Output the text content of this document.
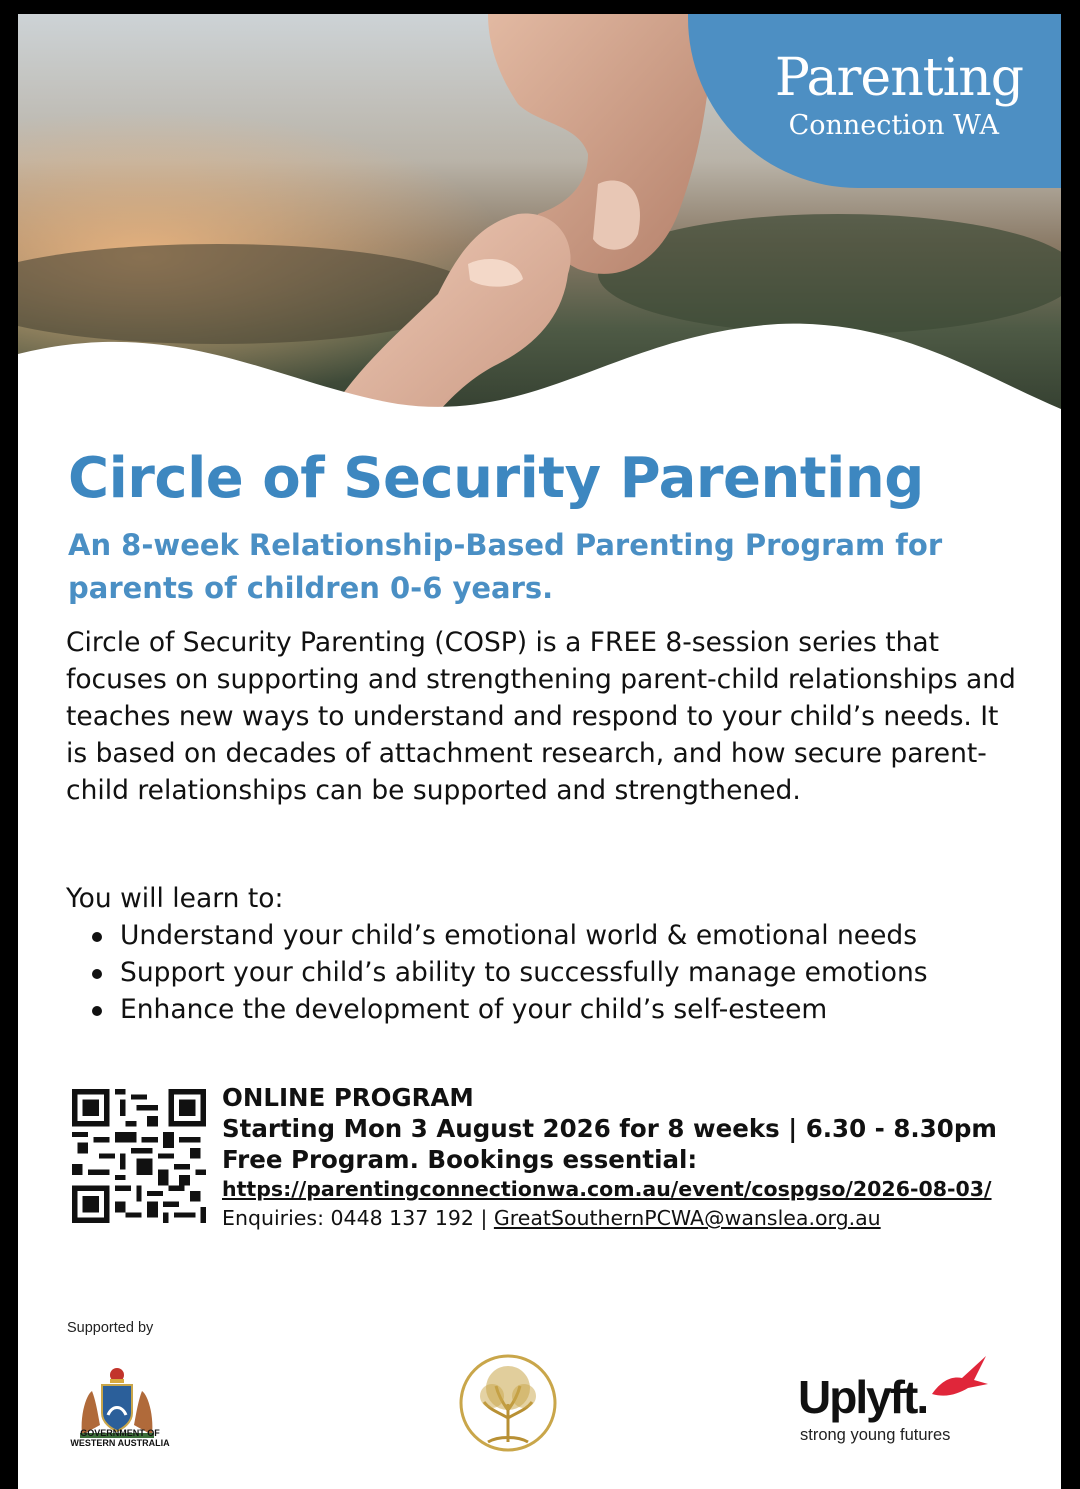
Parenting
Connection WA
Circle of Security Parenting

An 8-week Relationship-Based Parenting Program for parents of children 0-6 years.

Circle of Security Parenting (COSP) is a FREE 8-session series that focuses on supporting and strengthening parent-child relationships and teaches new ways to understand and respond to your child’s needs. It is based on decades of attachment research, and how secure parent-child relationships can be supported and strengthened.

You will learn to:

Understand your child’s emotional world & emotional needs
Support your child’s ability to successfully manage emotions
Enhance the development of your child’s self-esteem
ONLINE PROGRAM
Starting Mon 3 August 2026 for 8 weeks | 6.30 - 8.30pm
Free Program. Bookings essential:
https://parentingconnectionwa.com.au/event/cospgso/2026-08-03/
Enquiries: 0448 137 192 | GreatSouthernPCWA@wanslea.org.au
Supported by
GOVERNMENT OF WESTERN AUSTRALIA
Uplyft.
strong young futures
